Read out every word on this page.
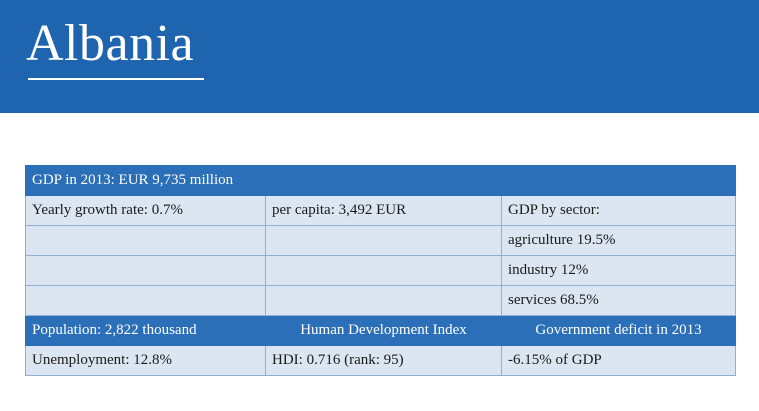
Albania
GDP in 2013: EUR 9,735 million		
Yearly growth rate: 0.7%	per capita: 3,492 EUR	GDP by sector:
		agriculture 19.5%
		industry 12%
		services 68.5%
Population: 2,822 thousand	Human Development Index	Government deficit in 2013
Unemployment: 12.8%	HDI: 0.716 (rank: 95)	-6.15% of GDP
